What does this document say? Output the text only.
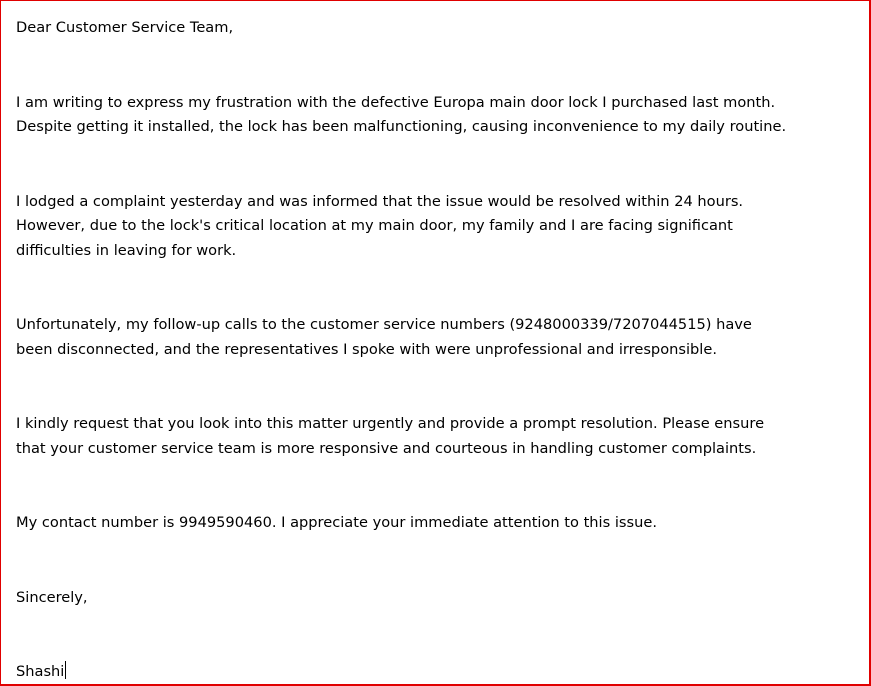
Dear Customer Service Team,

I am writing to express my frustration with the defective Europa main door lock I purchased last month.
Despite getting it installed, the lock has been malfunctioning, causing inconvenience to my daily routine.

I lodged a complaint yesterday and was informed that the issue would be resolved within 24 hours.
However, due to the lock's critical location at my main door, my family and I are facing significant
difficulties in leaving for work.

Unfortunately, my follow-up calls to the customer service numbers (9248000339/7207044515) have
been disconnected, and the representatives I spoke with were unprofessional and irresponsible.

I kindly request that you look into this matter urgently and provide a prompt resolution. Please ensure
that your customer service team is more responsive and courteous in handling customer complaints.

My contact number is 9949590460. I appreciate your immediate attention to this issue.

Sincerely,

Shashi
